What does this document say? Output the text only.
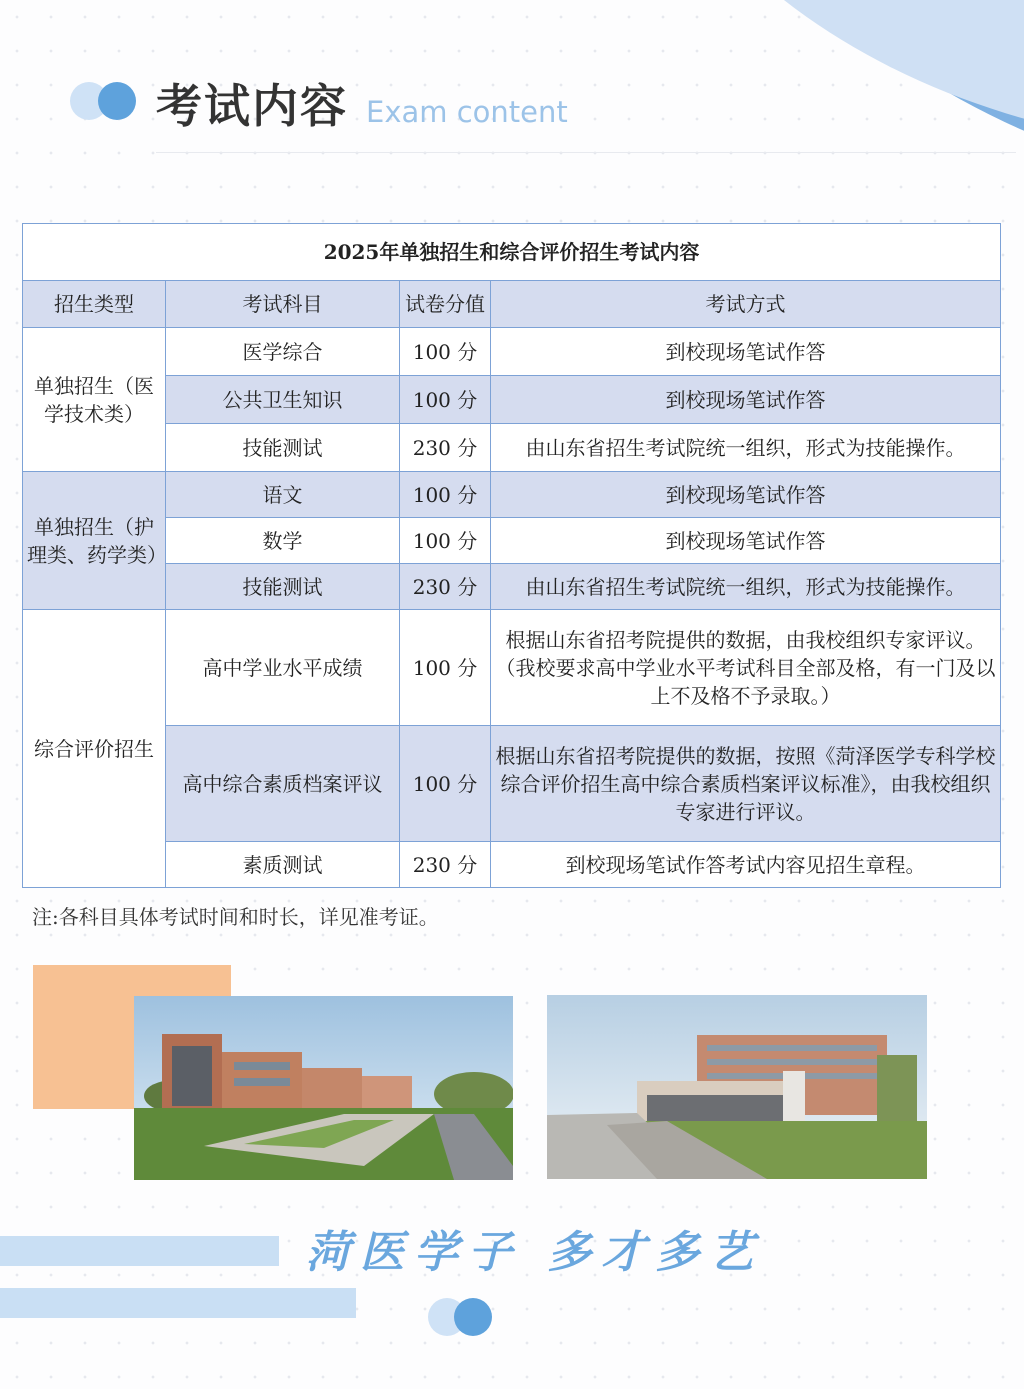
考试内容 Exam content
2025年单独招生和综合评价招生考试内容			
招生类型	考试科目	试卷分值	考试方式
单独招生（医学技术类）	医学综合	100 分	到校现场笔试作答
	公共卫生知识	100 分	到校现场笔试作答
	技能测试	230 分	由山东省招生考试院统一组织，形式为技能操作。
单独招生（护理类、药学类）	语文	100 分	到校现场笔试作答
	数学	100 分	到校现场笔试作答
	技能测试	230 分	由山东省招生考试院统一组织，形式为技能操作。
综合评价招生	高中学业水平成绩	100 分	根据山东省招考院提供的数据，由我校组织专家评议。（我校要求高中学业水平考试科目全部及格，有一门及以上不及格不予录取。）
	高中综合素质档案评议	100 分	根据山东省招考院提供的数据，按照《菏泽医学专科学校综合评价招生高中综合素质档案评议标准》，由我校组织专家进行评议。
	素质测试	230 分	到校现场笔试作答考试内容见招生章程。
注:各科目具体考试时间和时长，详见准考证。
菏医学子 多才多艺
